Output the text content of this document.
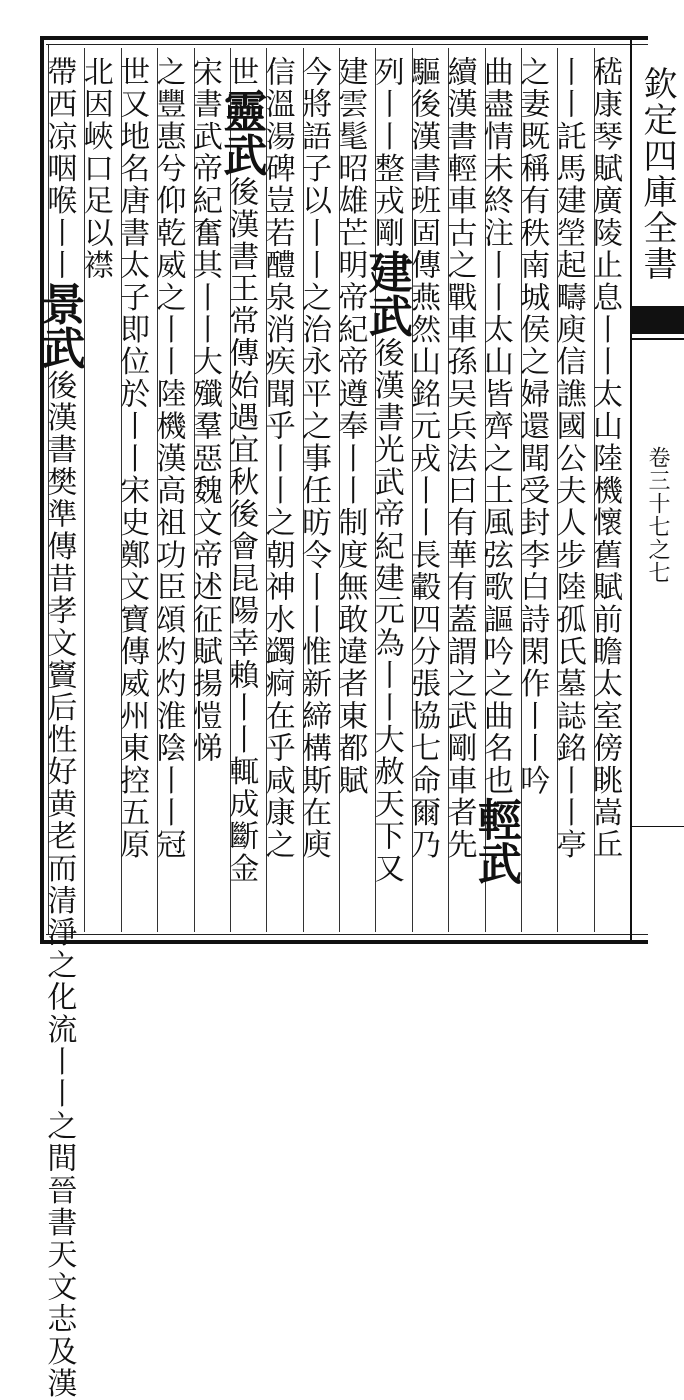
欽定四庫全書
卷三十七之七
嵇康琴賦廣陵止息丨丨太山陸機懷舊賦前瞻太室傍眺嵩丘
丨丨託馬建塋起疇庾信譙國公夫人步陸孤氏墓誌銘丨丨亭
之妻既稱有秩南城侯之婦還聞受封李白詩閑作丨丨吟
曲盡情未終注丨丨太山皆齊之土風弦歌謳吟之曲名也輕武
續漢書輕車古之戰車孫吴兵法曰有華有蓋謂之武剛車者先
驅後漢書班固傳燕然山銘元戎丨丨長轂四分張協七命爾乃
列丨丨整戎剛建武後漢書光武帝紀建元為丨丨大赦天下又
建雲髦昭雄芒明帝紀帝遵奉丨丨制度無敢違者東都賦
今將語子以丨丨之治永平之事任昉令丨丨惟新締構斯在庾
信溫湯碑豈若醴泉消疾聞乎丨丨之朝神水蠲痾在乎咸康之
世靈武後漢書王常傳始遇宜秋後會昆陽幸賴丨丨輒成斷金
宋書武帝紀奮其丨丨大殲羣惡魏文帝述征賦揚愷悌
之豐惠兮仰乾威之丨丨陸機漢高祖功臣頌灼灼淮陰丨丨冠
世又地名唐書太子即位於丨丨宋史鄭文寶傳威州東控五原
北因峽口足以襟
帶西凉咽喉丨丨景武後漢書樊準傳昔孝文竇后性好黄老而清淨之化流丨丨之間晉書天文志及漢
